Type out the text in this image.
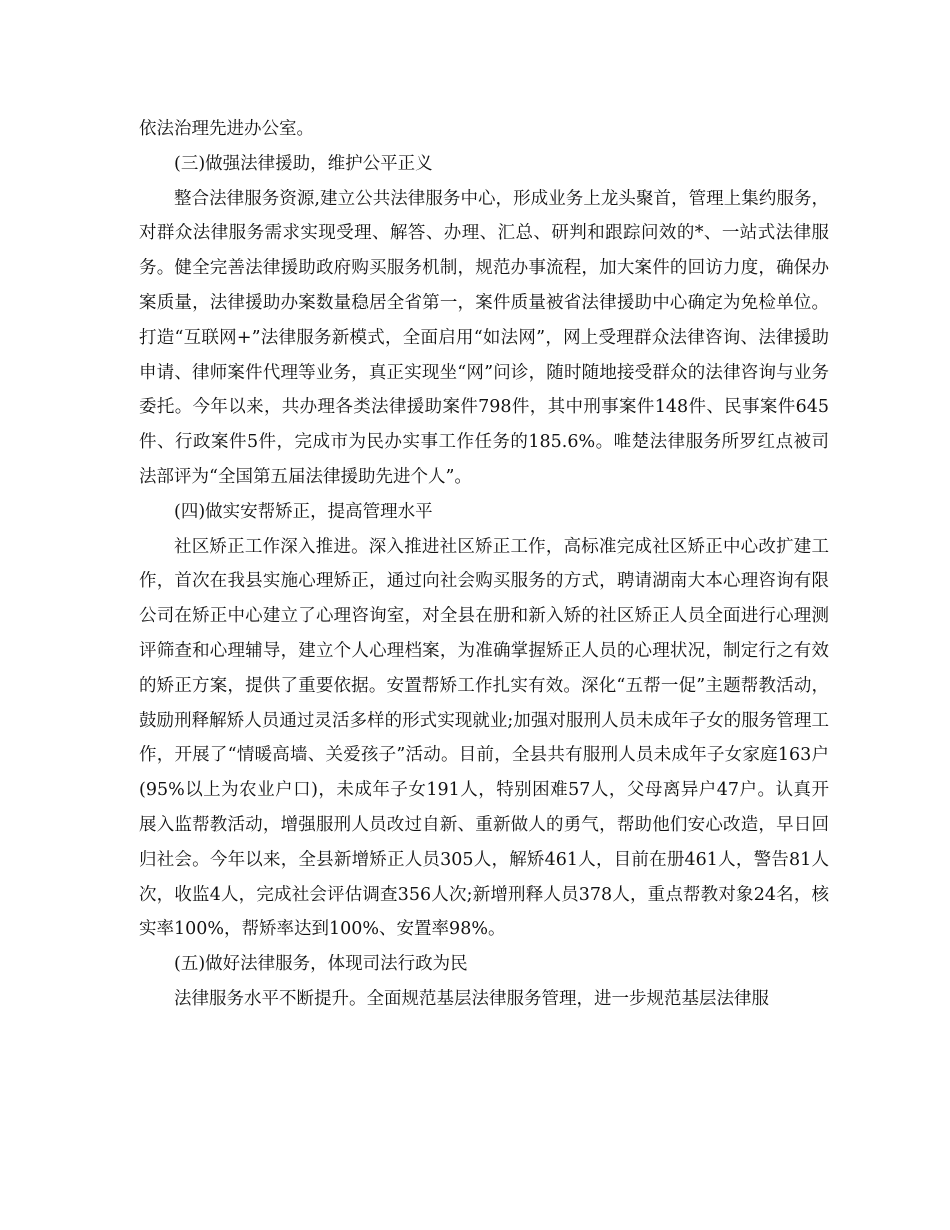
依法治理先进办公室。

(三)做强法律援助，维护公平正义

整合法律服务资源,建立公共法律服务中心，形成业务上龙头聚首，管理上集约服务，对群众法律服务需求实现受理、解答、办理、汇总、研判和跟踪问效的*、一站式法律服务。健全完善法律援助政府购买服务机制，规范办事流程，加大案件的回访力度，确保办案质量，法律援助办案数量稳居全省第一，案件质量被省法律援助中心确定为免检单位。打造“互联网+”法律服务新模式，全面启用“如法网”，网上受理群众法律咨询、法律援助申请、律师案件代理等业务，真正实现坐“网”问诊，随时随地接受群众的法律咨询与业务委托。今年以来，共办理各类法律援助案件798件，其中刑事案件148件、民事案件645件、行政案件5件，完成市为民办实事工作任务的185.6%。唯楚法律服务所罗红点被司法部评为“全国第五届法律援助先进个人”。

(四)做实安帮矫正，提高管理水平

社区矫正工作深入推进。深入推进社区矫正工作，高标准完成社区矫正中心改扩建工作，首次在我县实施心理矫正，通过向社会购买服务的方式，聘请湖南大本心理咨询有限公司在矫正中心建立了心理咨询室，对全县在册和新入矫的社区矫正人员全面进行心理测评筛查和心理辅导，建立个人心理档案，为准确掌握矫正人员的心理状况，制定行之有效的矫正方案，提供了重要依据。安置帮矫工作扎实有效。深化“五帮一促”主题帮教活动，鼓励刑释解矫人员通过灵活多样的形式实现就业;加强对服刑人员未成年子女的服务管理工作，开展了“情暖高墙、关爱孩子”活动。目前，全县共有服刑人员未成年子女家庭163户(95%以上为农业户口)，未成年子女191人，特别困难57人，父母离异户47户。认真开展入监帮教活动，增强服刑人员改过自新、重新做人的勇气，帮助他们安心改造，早日回归社会。今年以来，全县新增矫正人员305人，解矫461人，目前在册461人，警告81人次，收监4人，完成社会评估调查356人次;新增刑释人员378人，重点帮教对象24名，核实率100%，帮矫率达到100%、安置率98%。

(五)做好法律服务，体现司法行政为民

法律服务水平不断提升。全面规范基层法律服务管理，进一步规范基层法律服
